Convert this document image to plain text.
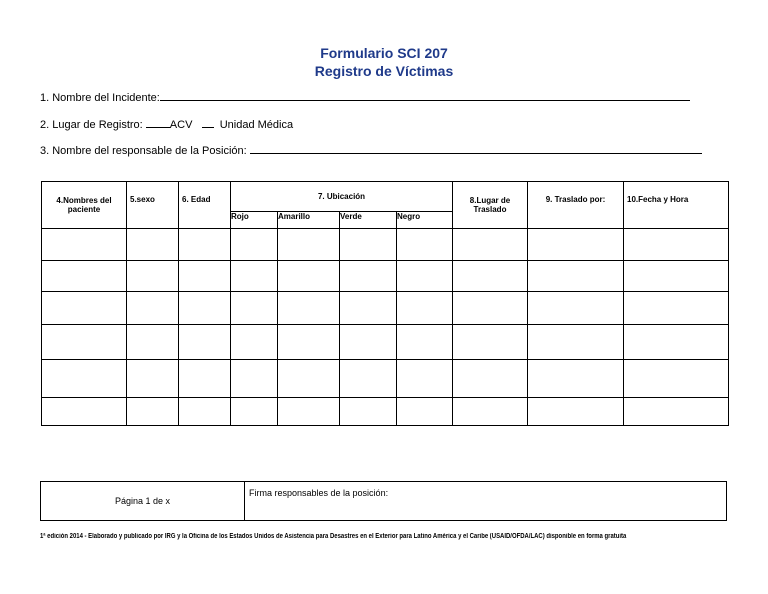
Formulario SCI 207
Registro de Víctimas
1. Nombre del Incidente:
2. Lugar de Registro: ACV Unidad Médica
3. Nombre del responsable de la Posición:
4.Nombres del paciente	5.sexo	6. Edad	7. Ubicación				8.Lugar de Traslado	9. Traslado por:	10.Fecha y Hora
			Rojo	Amarillo	Verde	Negro			

Página 1 de x
Firma responsables de la posición:
1ª edición 2014 - Elaborado y publicado por IRG y la Oficina de los Estados Unidos de Asistencia para Desastres en el Exterior para Latino América y el Caribe (USAID/OFDA/LAC) disponible en forma gratuita
